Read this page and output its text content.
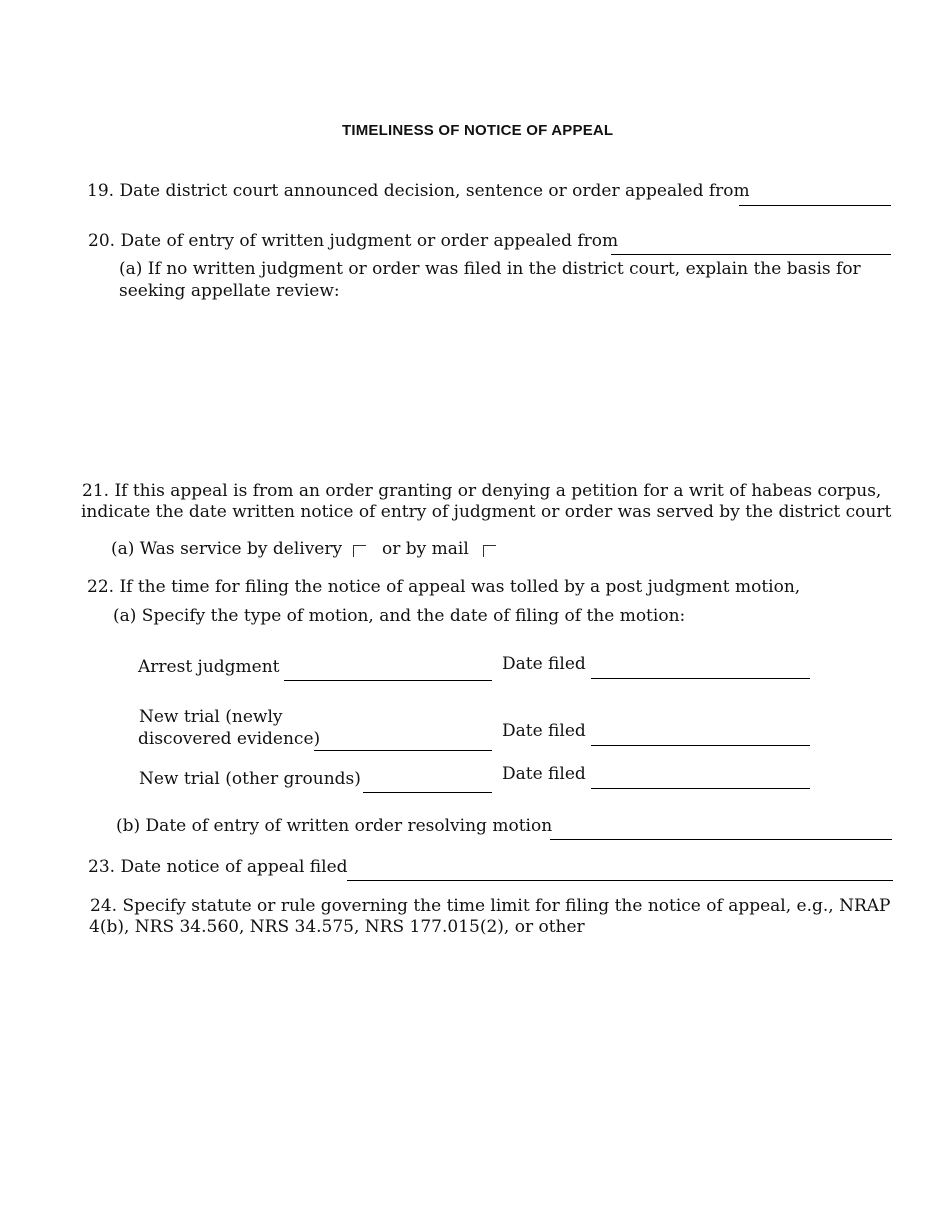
TIMELINESS OF NOTICE OF APPEAL
19. Date district court announced decision, sentence or order appealed from
20. Date of entry of written judgment or order appealed from
(a) If no written judgment or order was filed in the district court, explain the basis for
seeking appellate review:
21. If this appeal is from an order granting or denying a petition for a writ of habeas corpus,
indicate the date written notice of entry of judgment or order was served by the district court
(a) Was service by delivery or by mail
22. If the time for filing the notice of appeal was tolled by a post judgment motion,
(a) Specify the type of motion, and the date of filing of the motion:
Arrest judgment	Date filed
New trial (newly
discovered evidence)	Date filed
New trial (other grounds)	Date filed
(b) Date of entry of written order resolving motion
23. Date notice of appeal filed
24. Specify statute or rule governing the time limit for filing the notice of appeal, e.g., NRAP
4(b), NRS 34.560, NRS 34.575, NRS 177.015(2), or other
